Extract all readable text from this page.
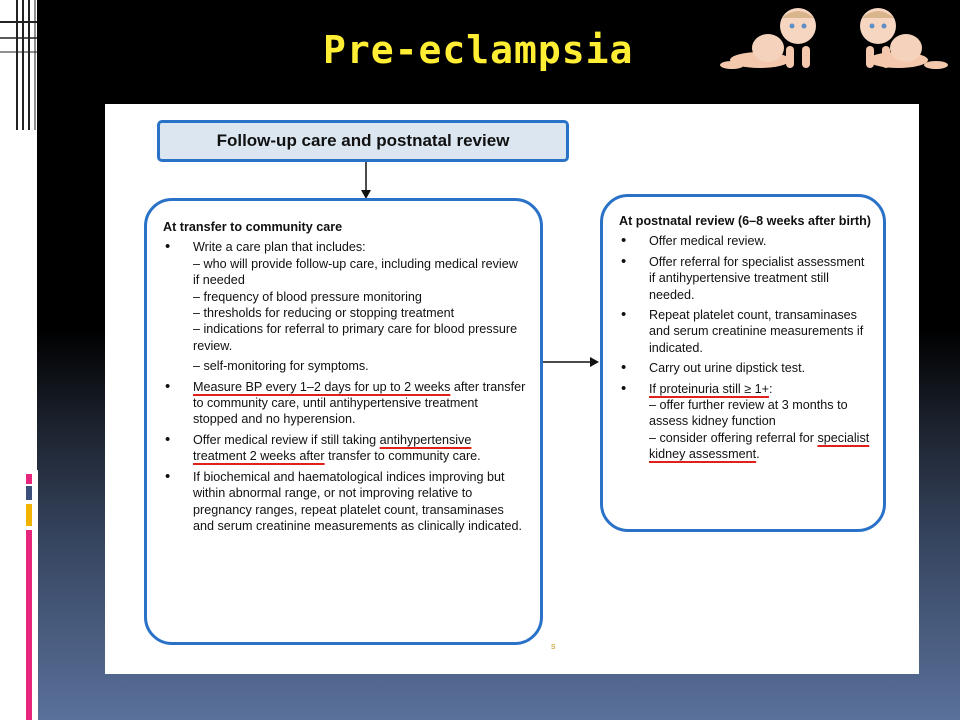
Pre-eclampsia
Follow-up care and postnatal review
At transfer to community care
• Write a care plan that includes:
– who will provide follow-up care, including medical review if needed
– frequency of blood pressure monitoring
– thresholds for reducing or stopping treatment
– indications for referral to primary care for blood pressure review.
– self-monitoring for symptoms.
• Measure BP every 1–2 days for up to 2 weeks after transfer to community care, until antihypertensive treatment stopped and no hyperension.
• Offer medical review if still taking antihypertensive treatment 2 weeks after transfer to community care.
• If biochemical and haematological indices improving but within abnormal range, or not improving relative to pregnancy ranges, repeat platelet count, transaminases and serum creatinine measurements as clinically indicated.
At postnatal review (6–8 weeks after birth)
• Offer medical review.
• Offer referral for specialist assessment if antihypertensive treatment still needed.
• Repeat platelet count, transaminases and serum creatinine measurements if indicated.
• Carry out urine dipstick test.
• If proteinuria still ≥ 1+:
– offer further review at 3 months to assess kidney function
– consider offering referral for specialist kidney assessment.
s
